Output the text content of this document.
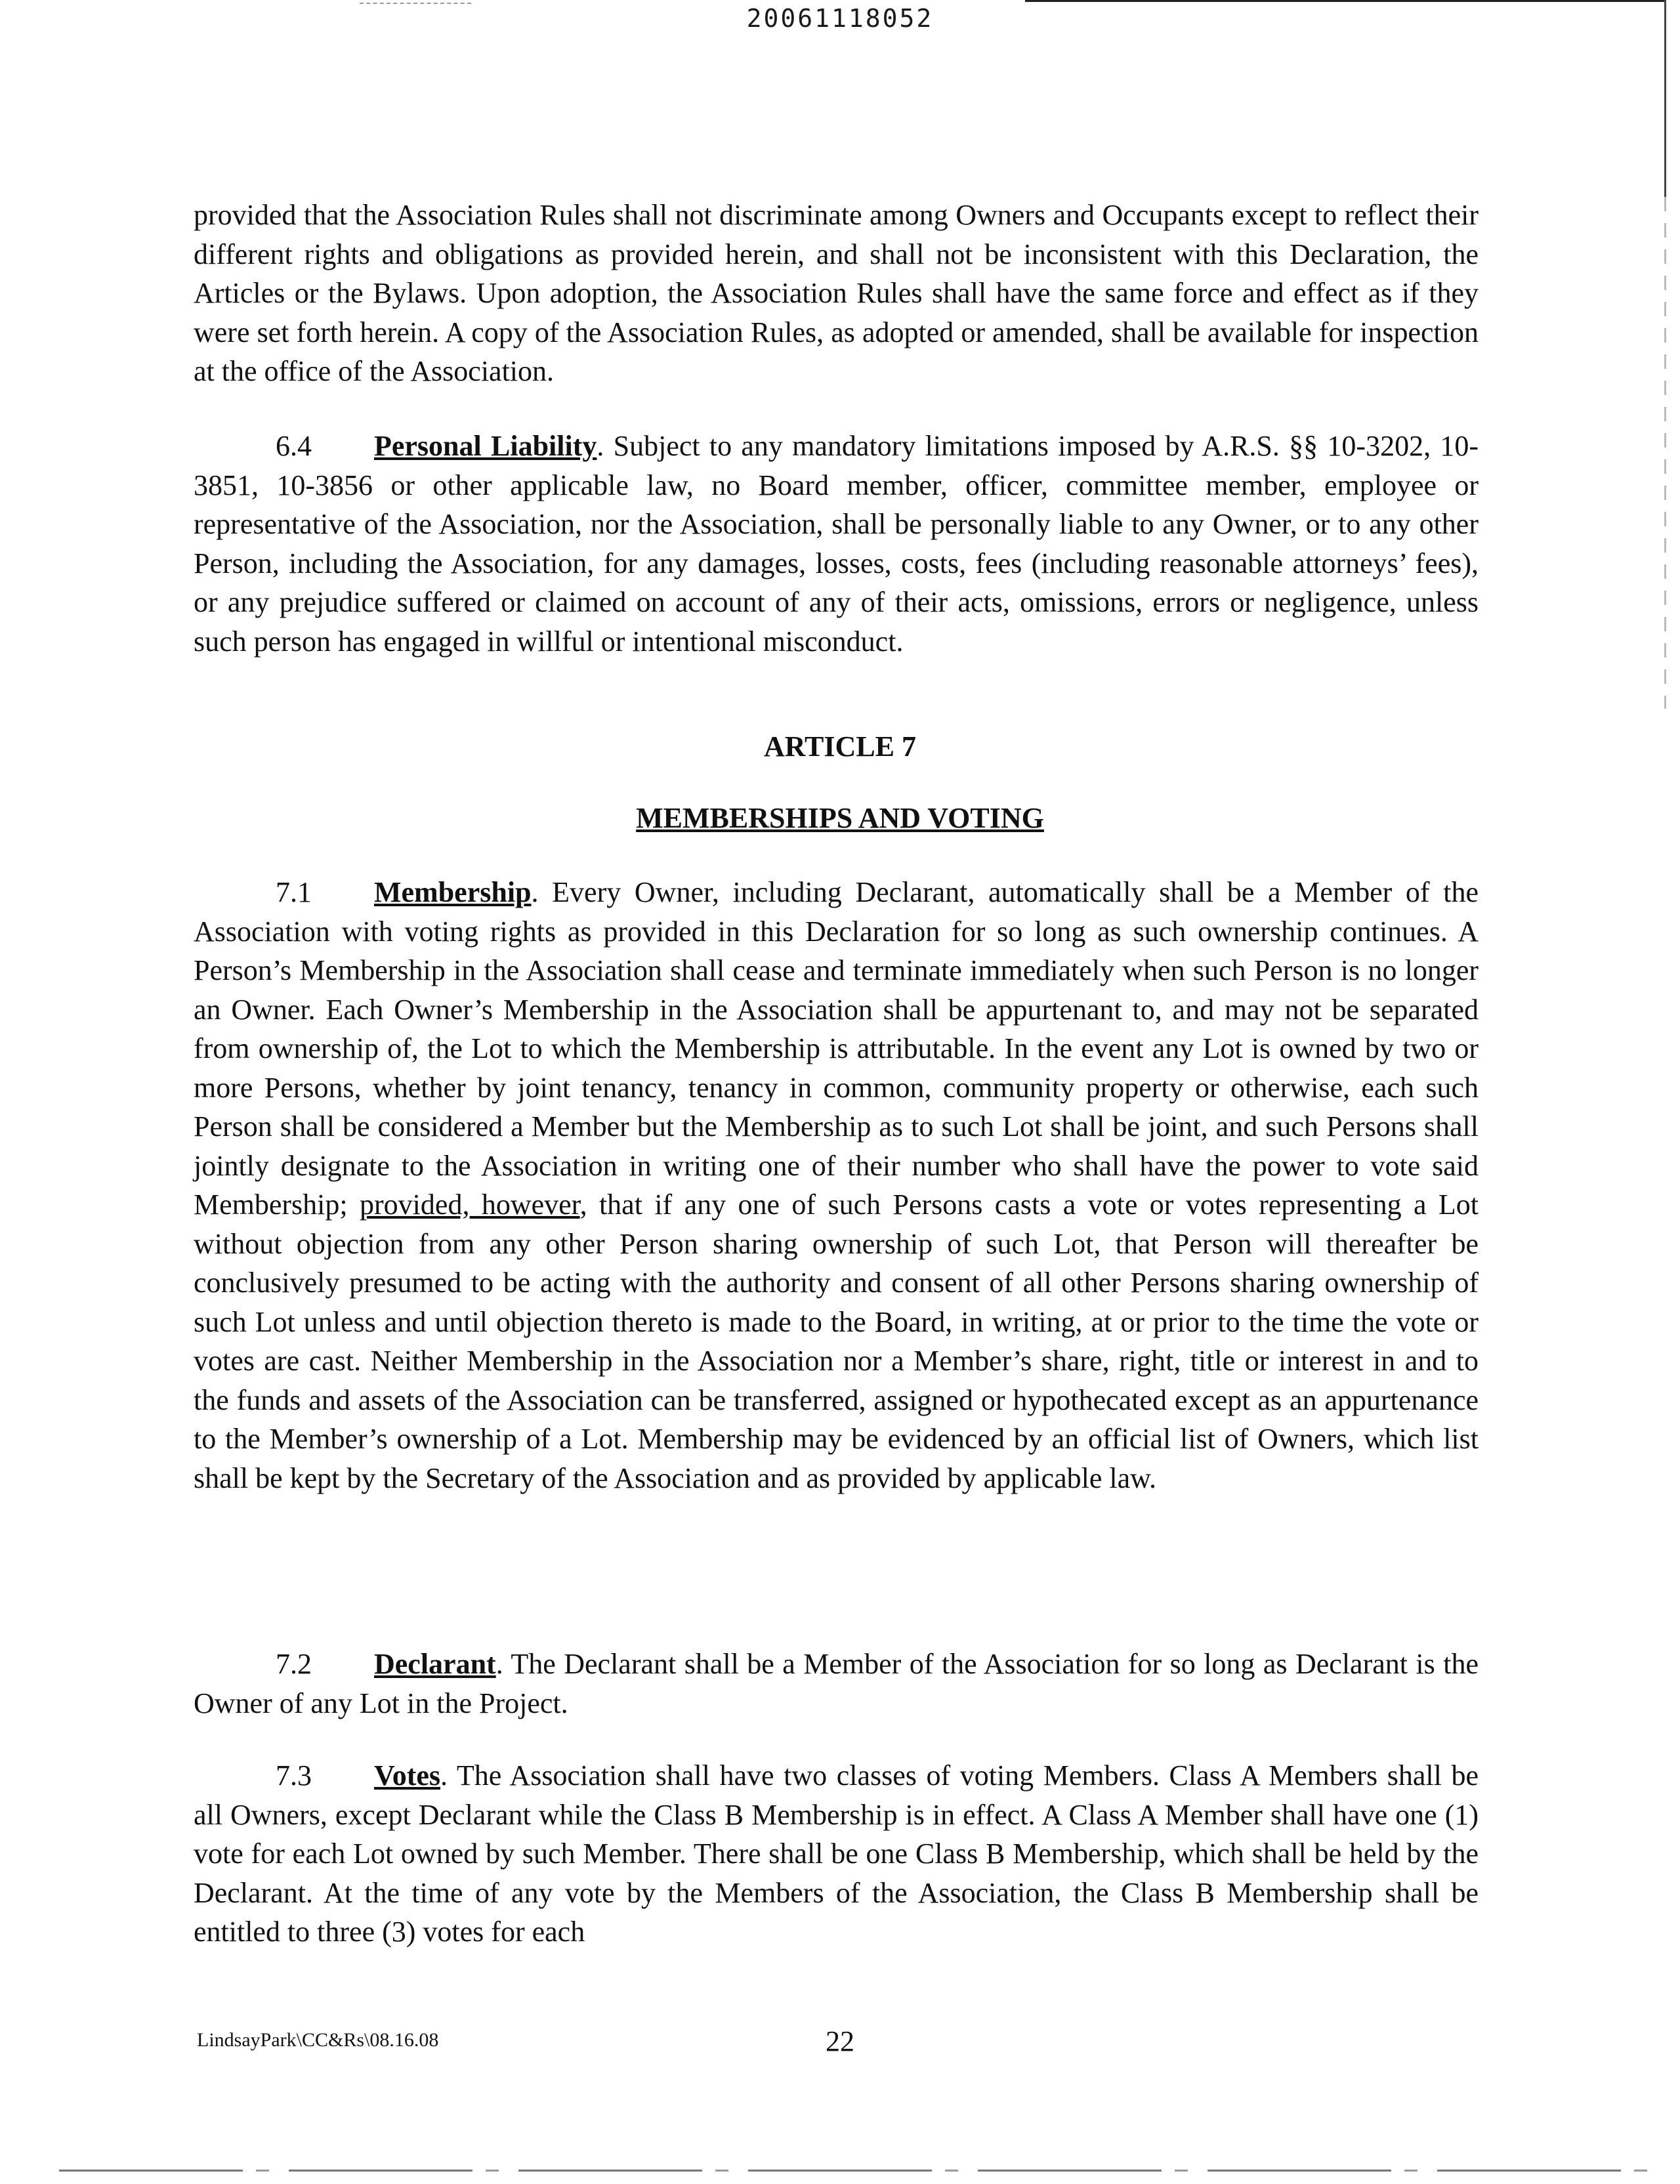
20061118052
provided that the Association Rules shall not discriminate among Owners and Occupants except to reflect their different rights and obligations as provided herein, and shall not be inconsistent with this Declaration, the Articles or the Bylaws. Upon adoption, the Association Rules shall have the same force and effect as if they were set forth herein. A copy of the Association Rules, as adopted or amended, shall be available for inspection at the office of the Association.
6.4 Personal Liability. Subject to any mandatory limitations imposed by A.R.S. §§ 10-3202, 10-3851, 10-3856 or other applicable law, no Board member, officer, committee member, employee or representative of the Association, nor the Association, shall be personally liable to any Owner, or to any other Person, including the Association, for any damages, losses, costs, fees (including reasonable attorneys’ fees), or any prejudice suffered or claimed on account of any of their acts, omissions, errors or negligence, unless such person has engaged in willful or intentional misconduct.
ARTICLE 7
MEMBERSHIPS AND VOTING
7.1 Membership. Every Owner, including Declarant, automatically shall be a Member of the Association with voting rights as provided in this Declaration for so long as such ownership continues. A Person’s Membership in the Association shall cease and terminate immediately when such Person is no longer an Owner. Each Owner’s Membership in the Association shall be appurtenant to, and may not be separated from ownership of, the Lot to which the Membership is attributable. In the event any Lot is owned by two or more Persons, whether by joint tenancy, tenancy in common, community property or otherwise, each such Person shall be considered a Member but the Membership as to such Lot shall be joint, and such Persons shall jointly designate to the Association in writing one of their number who shall have the power to vote said Membership; provided, however, that if any one of such Persons casts a vote or votes representing a Lot without objection from any other Person sharing ownership of such Lot, that Person will thereafter be conclusively presumed to be acting with the authority and consent of all other Persons sharing ownership of such Lot unless and until objection thereto is made to the Board, in writing, at or prior to the time the vote or votes are cast. Neither Membership in the Association nor a Member’s share, right, title or interest in and to the funds and assets of the Association can be transferred, assigned or hypothecated except as an appurtenance to the Member’s ownership of a Lot. Membership may be evidenced by an official list of Owners, which list shall be kept by the Secretary of the Association and as provided by applicable law.
7.2 Declarant. The Declarant shall be a Member of the Association for so long as Declarant is the Owner of any Lot in the Project.
7.3 Votes. The Association shall have two classes of voting Members. Class A Members shall be all Owners, except Declarant while the Class B Membership is in effect. A Class A Member shall have one (1) vote for each Lot owned by such Member. There shall be one Class B Membership, which shall be held by the Declarant. At the time of any vote by the Members of the Association, the Class B Membership shall be entitled to three (3) votes for each
LindsayPark\CC&Rs\08.16.08	22
